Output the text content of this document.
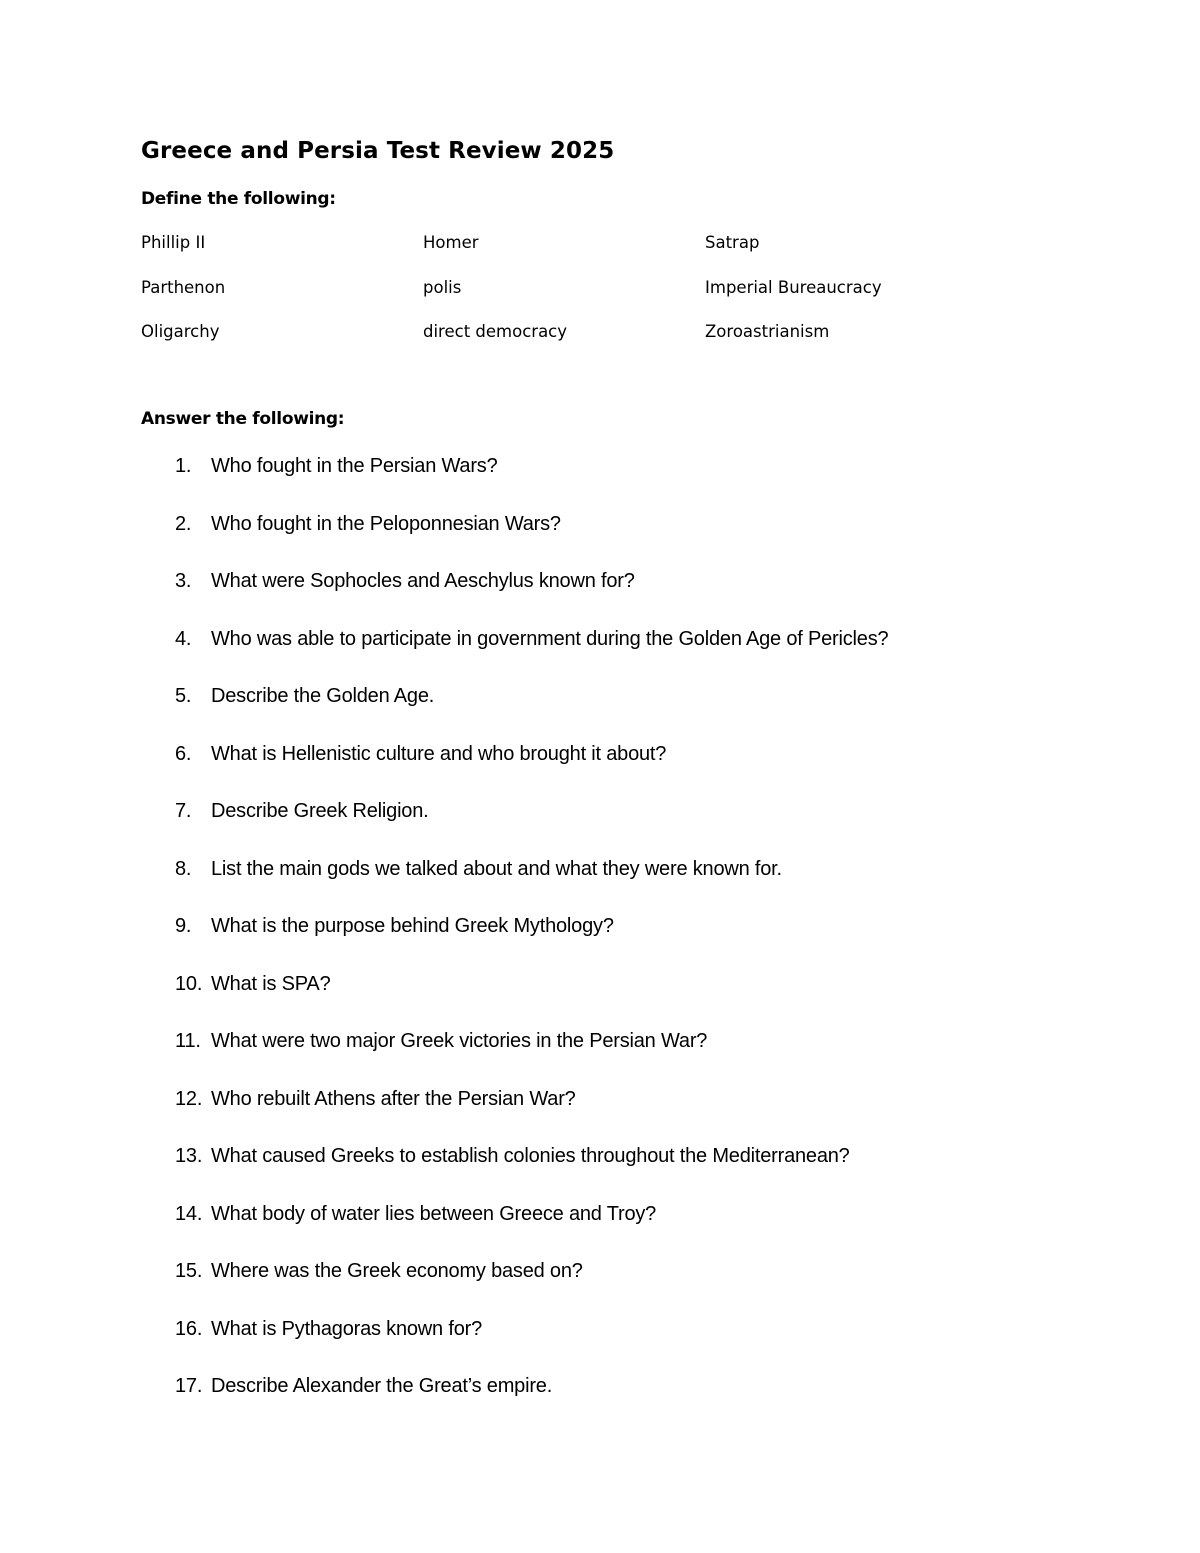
Greece and Persia Test Review 2025
Define the following:
Phillip II	Homer	Satrap
Parthenon	polis	Imperial Bureaucracy
Oligarchy	direct democracy	Zoroastrianism
Answer the following:
1. Who fought in the Persian Wars?
2. Who fought in the Peloponnesian Wars?
3. What were Sophocles and Aeschylus known for?
4. Who was able to participate in government during the Golden Age of Pericles?
5. Describe the Golden Age.
6. What is Hellenistic culture and who brought it about?
7. Describe Greek Religion.
8. List the main gods we talked about and what they were known for.
9. What is the purpose behind Greek Mythology?
10. What is SPA?
11. What were two major Greek victories in the Persian War?
12. Who rebuilt Athens after the Persian War?
13. What caused Greeks to establish colonies throughout the Mediterranean?
14. What body of water lies between Greece and Troy?
15. Where was the Greek economy based on?
16. What is Pythagoras known for?
17. Describe Alexander the Great’s empire.
